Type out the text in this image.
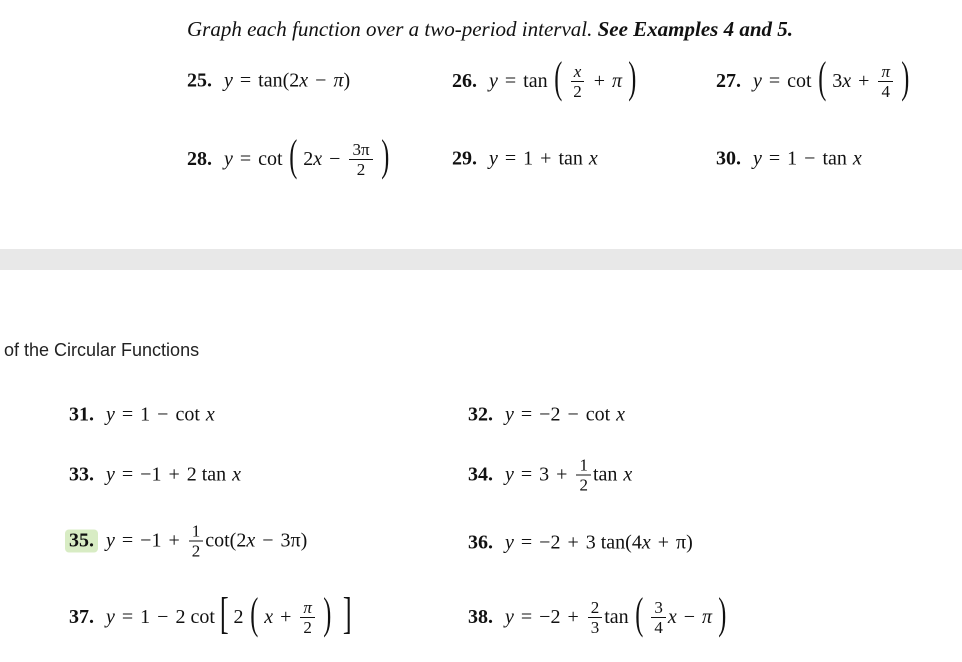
Graph each function over a two-period interval. See Examples 4 and 5.
of the Circular Functions
25. y = tan(2 x − π )	26. y = tan ( $\frac{x}{2} + \pi$ )	27. y = cot ( 3 $x + \frac{\pi}{4}$ )
28. y = cot ( 2 $x - \frac{3\pi}{2}$ )	29. y = 1 + tan x	30. y = 1 − tan x
31. y = 1 − cot x	32. y = −2 − cot x
33. y = −1 + 2 tan x	34. $y = 3 + \frac{1}{2}$ tan x
35. $y = -1 + \frac{1}{2} \cot(2$ x − 3π)	36. y = −2 + 3 tan(4 x + π)
37. y = 1 − 2 cot [ 2 ( $x + \frac{\pi}{2}$ ) ]	38. $y = -2 + \frac{2}{3}$ tan ( $\frac{3}{4}$ x − π )
